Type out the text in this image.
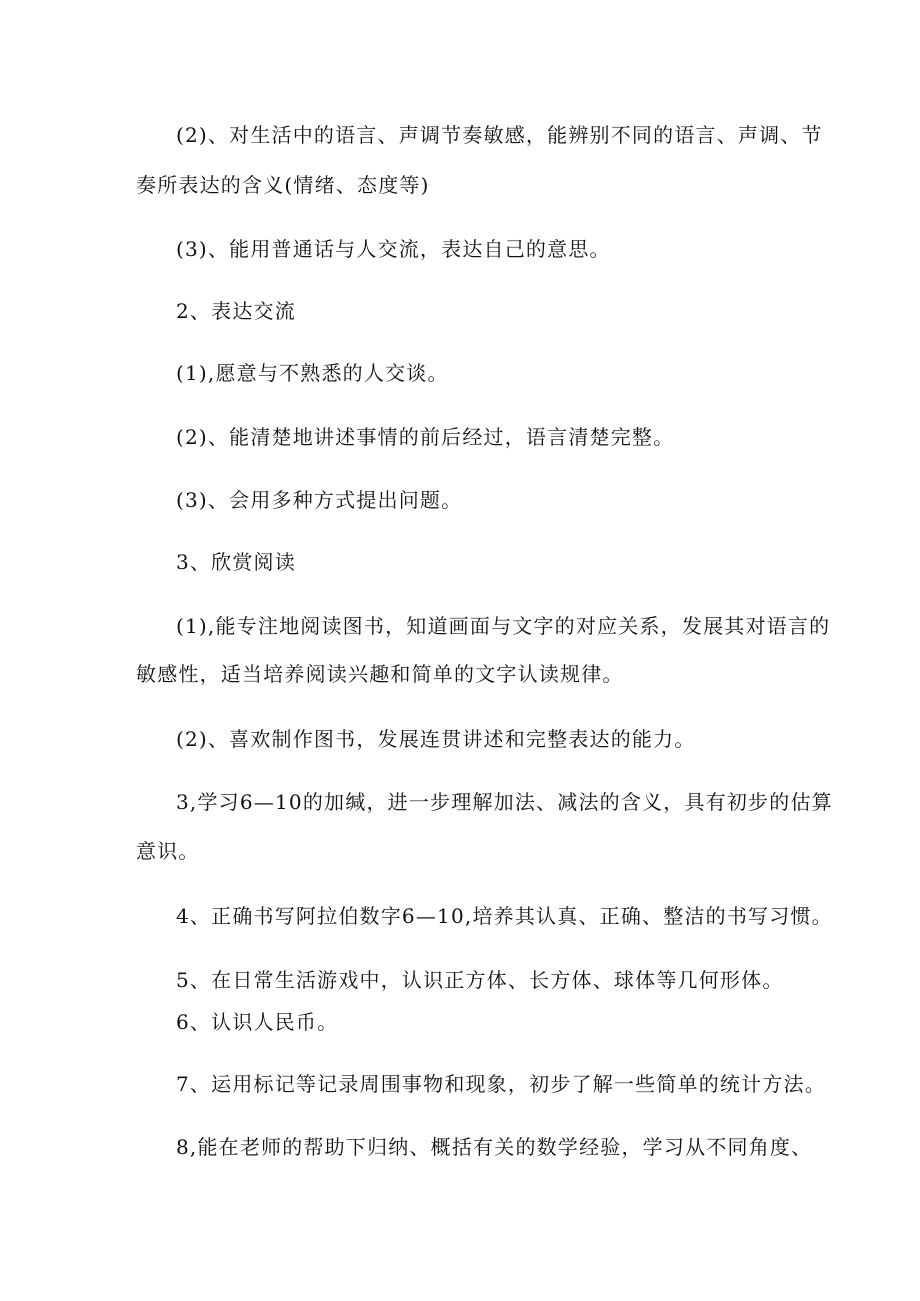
(2)、对生活中的语言、声调节奏敏感，能辨别不同的语言、声调、节
奏所表达的含义(情绪、态度等)
(3)、能用普通话与人交流，表达自己的意思。
2、表达交流
(1),愿意与不熟悉的人交谈。
(2)、能清楚地讲述事情的前后经过，语言清楚完整。
(3)、会用多种方式提出问题。
3、欣赏阅读
(1),能专注地阅读图书，知道画面与文字的对应关系，发展其对语言的
敏感性，适当培养阅读兴趣和简单的文字认读规律。
(2)、喜欢制作图书，发展连贯讲述和完整表达的能力。
3,学习6—10的加缄，进一步理解加法、减法的含义，具有初步的估算
意识。
4、正确书写阿拉伯数字6—10,培养其认真、正确、整洁的书写习惯。
5、在日常生活游戏中，认识正方体、长方体、球体等几何形体。
6、认识人民币。
7、运用标记等记录周围事物和现象，初步了解一些简单的统计方法。
8,能在老师的帮助下归纳、概括有关的数学经验，学习从不同角度、
